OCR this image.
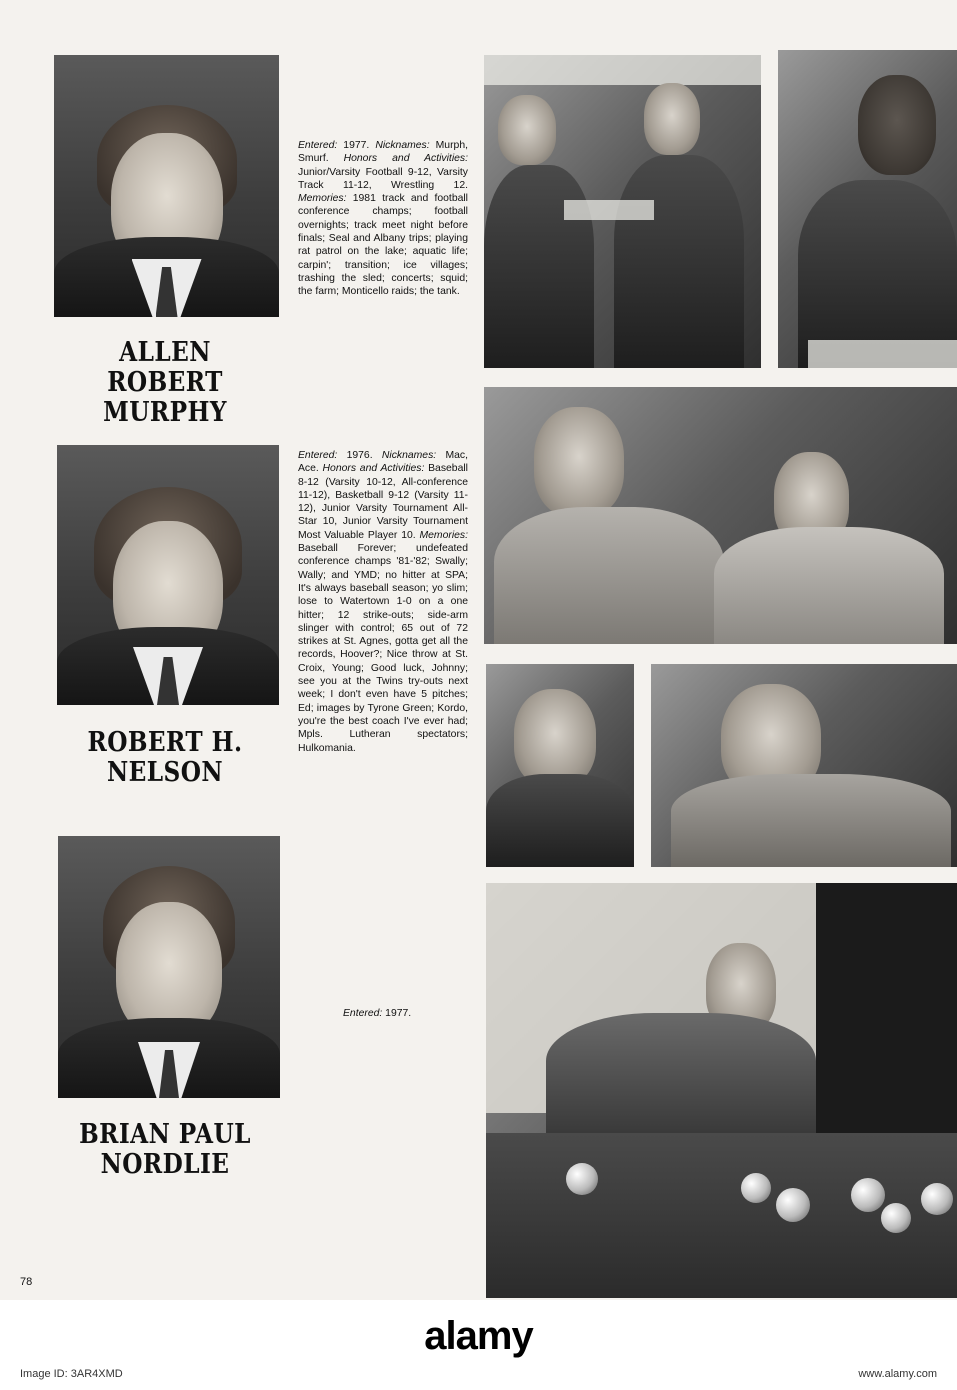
ALLEN ROBERT
MURPHY
Entered: 1977. Nicknames: Murph, Smurf. Honors and Activities: Junior/Varsity Football 9-12, Varsity Track 11-12, Wrestling 12. Memories: 1981 track and football conference champs; football overnights; track meet night before finals; Seal and Albany trips; playing rat patrol on the lake; aquatic life; carpin'; transition; ice villages; trashing the sled; concerts; squid; the farm; Monticello raids; the tank.
ROBERT H.
NELSON
Entered: 1976. Nicknames: Mac, Ace. Honors and Activities: Baseball 8-12 (Varsity 10-12, All-conference 11-12), Basketball 9-12 (Varsity 11-12), Junior Varsity Tournament All-Star 10, Junior Varsity Tournament Most Valuable Player 10. Memories: Baseball Forever; undefeated conference champs '81-'82; Swally; Wally; and YMD; no hitter at SPA; It's always baseball season; yo slim; lose to Watertown 1-0 on a one hitter; 12 strike-outs; side-arm slinger with control; 65 out of 72 strikes at St. Agnes, gotta get all the records, Hoover?; Nice throw at St. Croix, Young; Good luck, Johnny; see you at the Twins try-outs next week; I don't even have 5 pitches; Ed; images by Tyrone Green; Kordo, you're the best coach I've ever had; Mpls. Lutheran spectators; Hulkomania.
BRIAN PAUL
NORDLIE
Entered: 1977.
78
alamy
Image ID: 3AR4XMD	www.alamy.com
